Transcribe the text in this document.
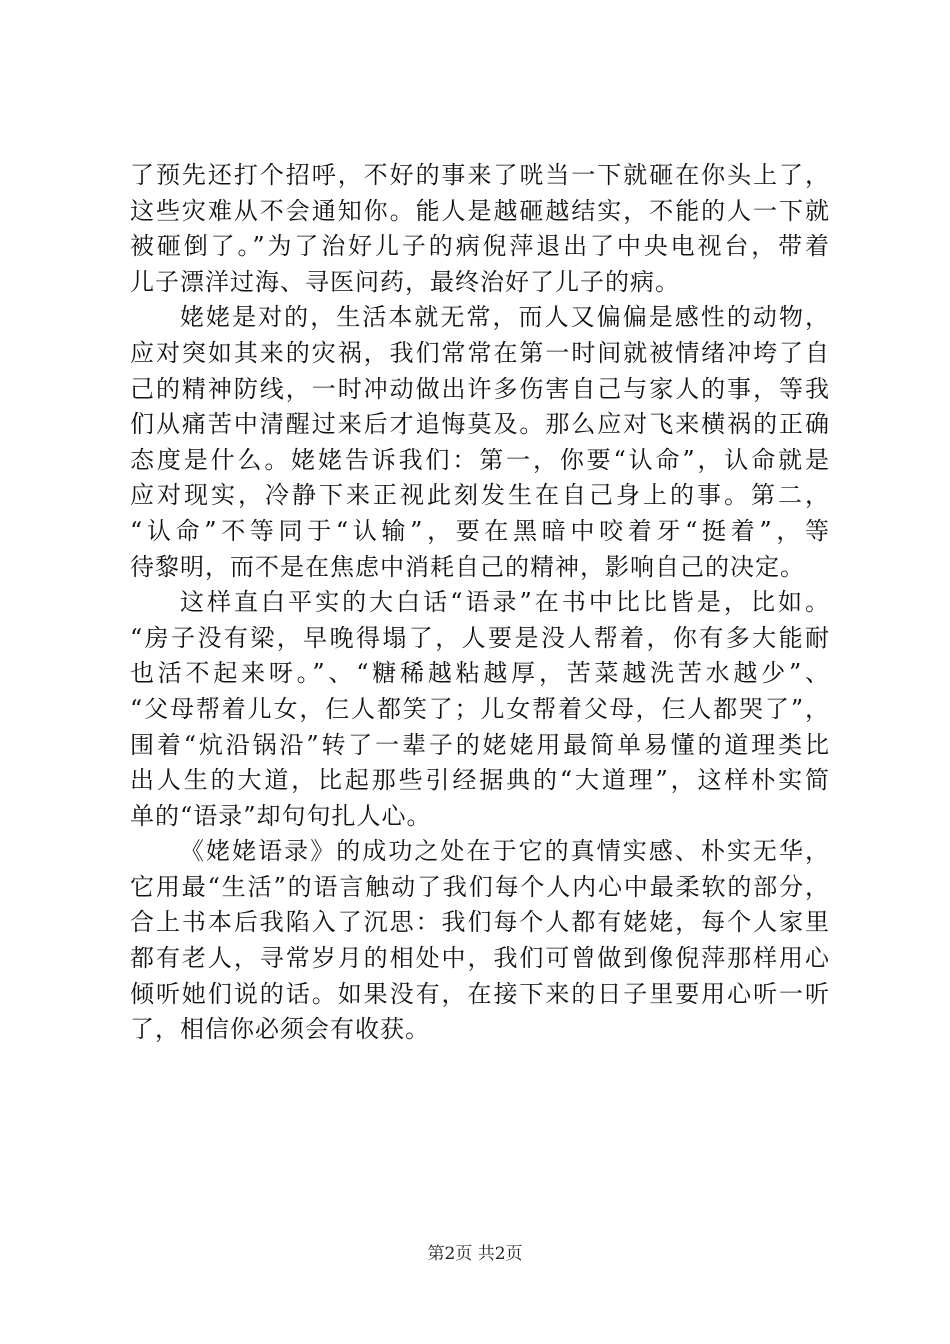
了预先还打个招呼，不好的事来了咣当一下就砸在你头上了，
这些灾难从不会通知你。能人是越砸越结实，不能的人一下就
被砸倒了。”为了治好儿子的病倪萍退出了中央电视台，带着
儿子漂洋过海、寻医问药，最终治好了儿子的病。
姥姥是对的，生活本就无常，而人又偏偏是感性的动物，
应对突如其来的灾祸，我们常常在第一时间就被情绪冲垮了自
己的精神防线，一时冲动做出许多伤害自己与家人的事，等我
们从痛苦中清醒过来后才追悔莫及。那么应对飞来横祸的正确
态度是什么。姥姥告诉我们：第一，你要“认命”，认命就是
应对现实，冷静下来正视此刻发生在自己身上的事。第二，
“认命”不等同于“认输”，要在黑暗中咬着牙“挺着”，等
待黎明，而不是在焦虑中消耗自己的精神，影响自己的决定。
这样直白平实的大白话“语录”在书中比比皆是，比如。
“房子没有梁，早晚得塌了，人要是没人帮着，你有多大能耐
也活不起来呀。”、“糖稀越粘越厚，苦菜越洗苦水越少”、
“父母帮着儿女，仨人都笑了；儿女帮着父母，仨人都哭了”，
围着“炕沿锅沿”转了一辈子的姥姥用最简单易懂的道理类比
出人生的大道，比起那些引经据典的“大道理”，这样朴实简
单的“语录”却句句扎人心。
《姥姥语录》的成功之处在于它的真情实感、朴实无华，
它用最“生活”的语言触动了我们每个人内心中最柔软的部分，
合上书本后我陷入了沉思：我们每个人都有姥姥，每个人家里
都有老人，寻常岁月的相处中，我们可曾做到像倪萍那样用心
倾听她们说的话。如果没有，在接下来的日子里要用心听一听
了，相信你必须会有收获。
第2页 共2页
